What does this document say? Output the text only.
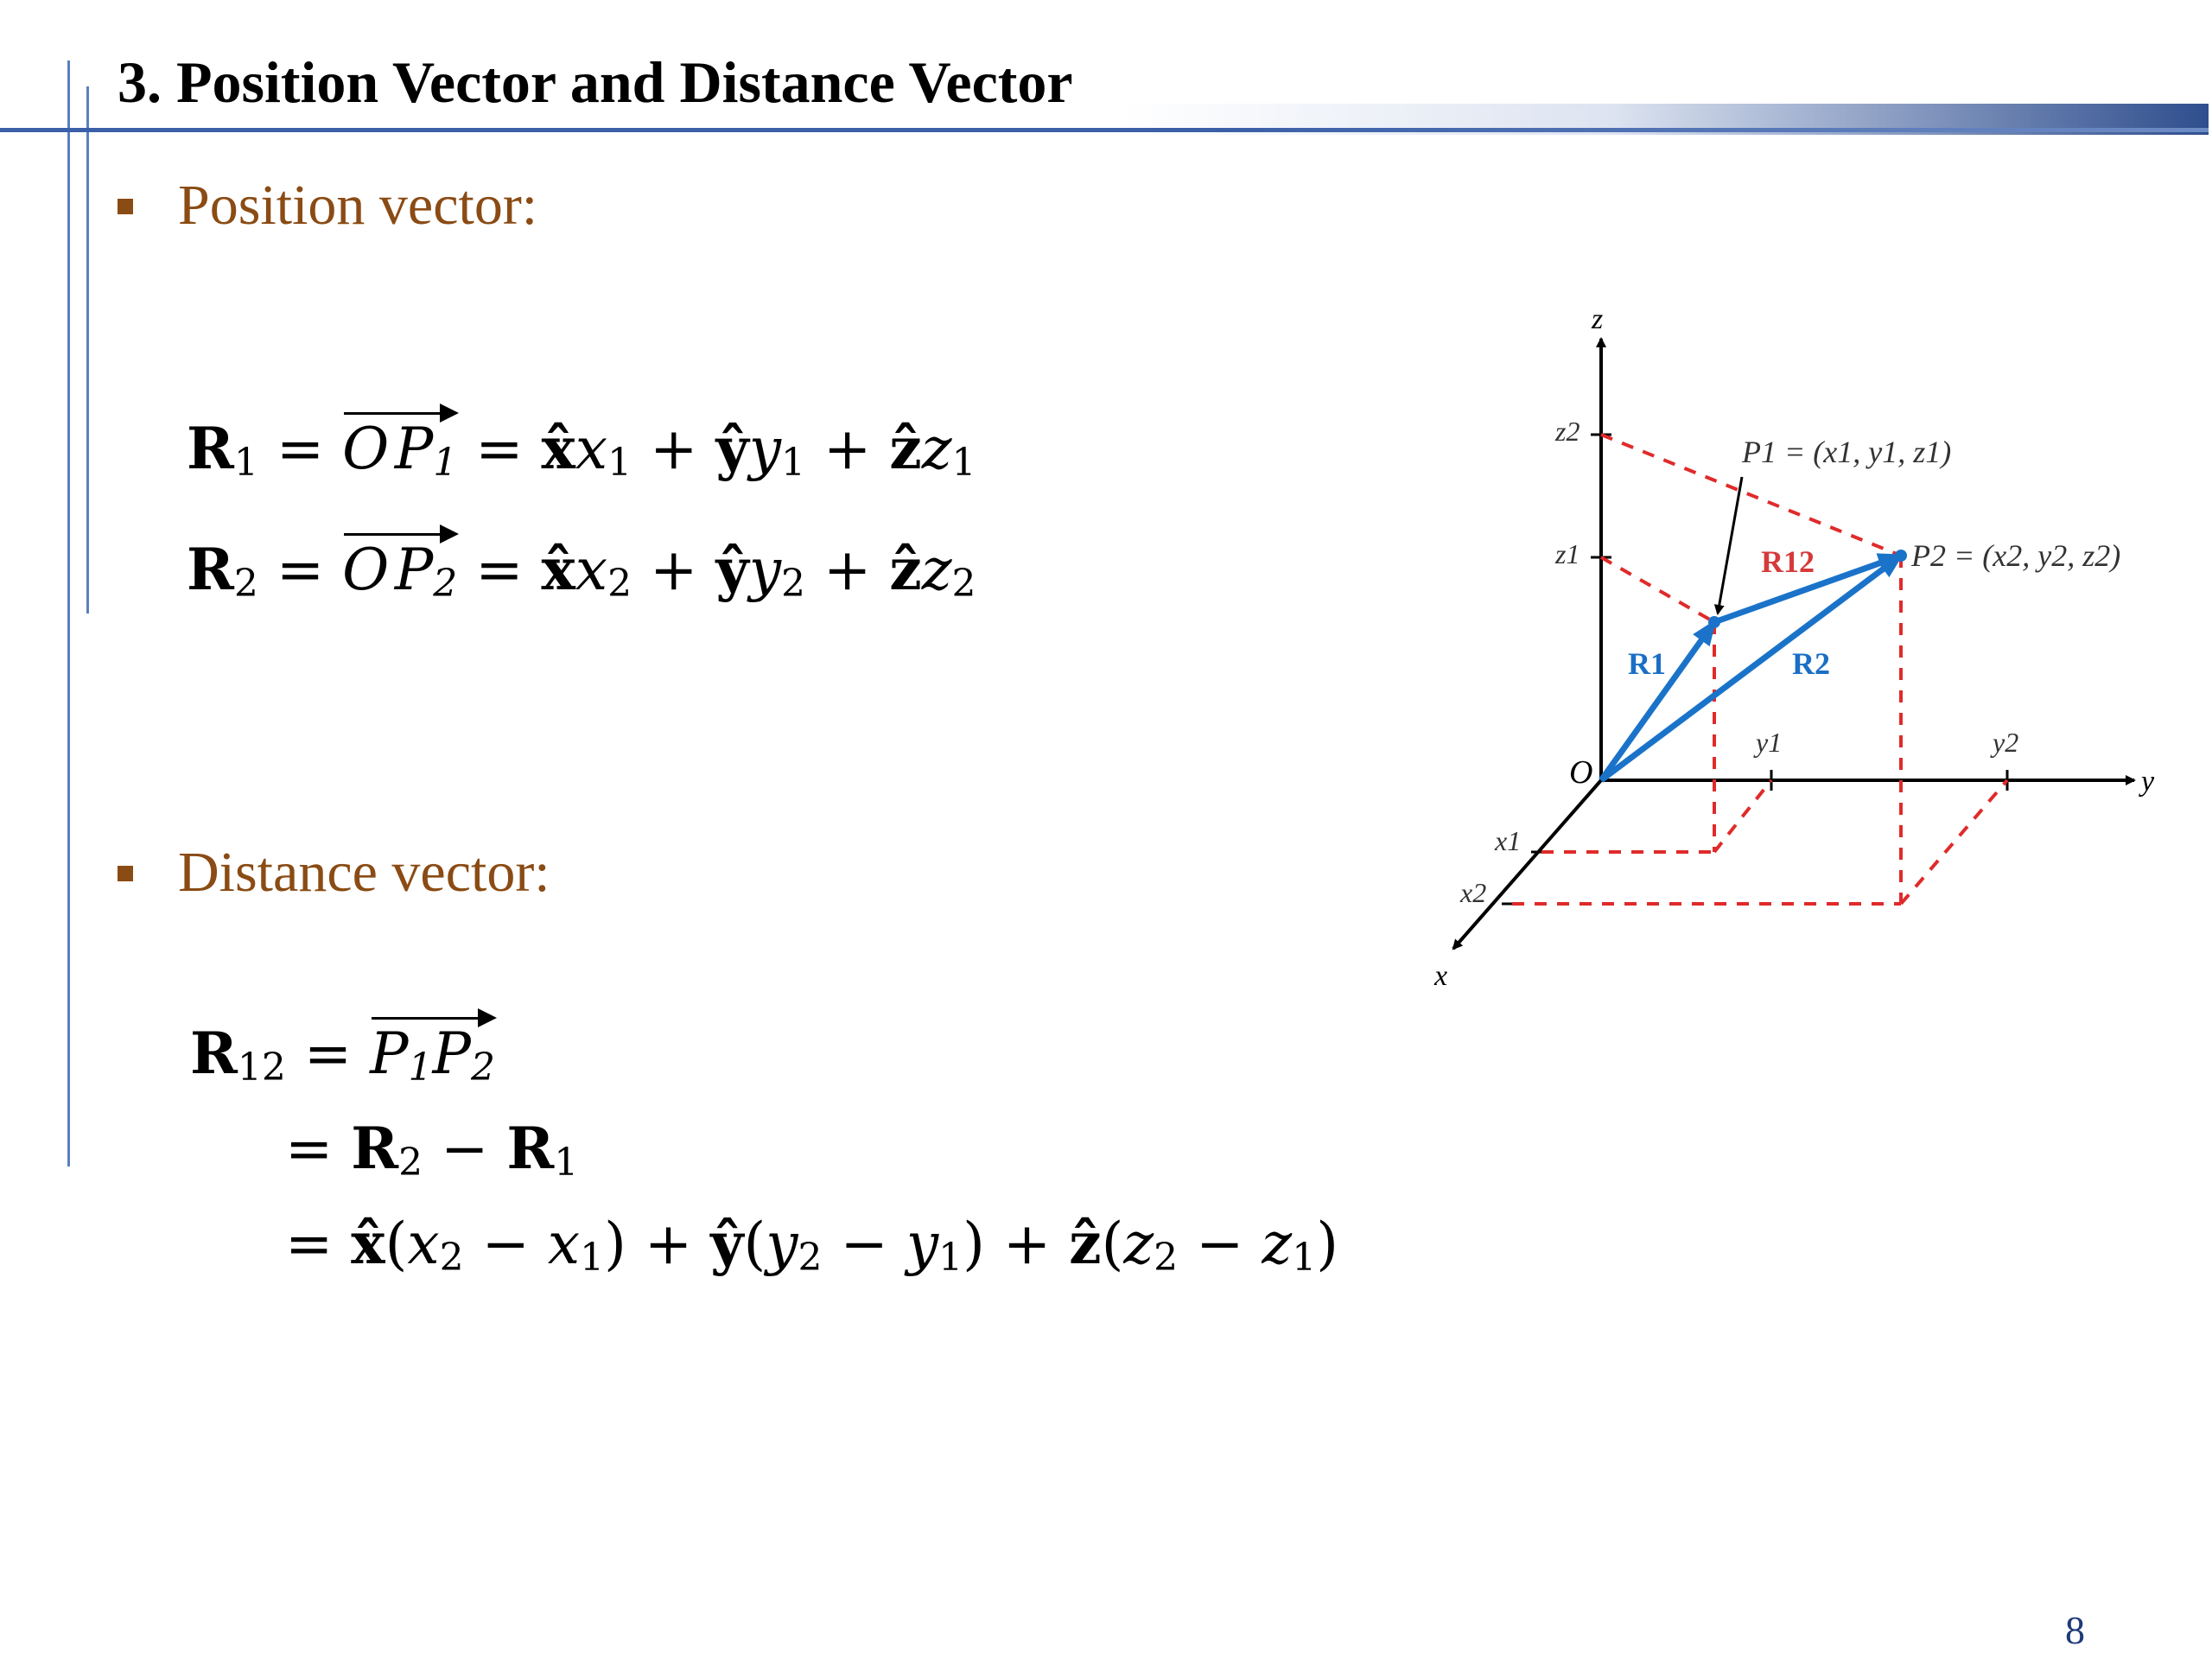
3. Position Vector and Distance Vector
Position vector:
$R_1 = O$ $P_1$ = $x̂x_1$ + $ŷy_1$ + ẑz$_1$
$R_2 = O$ $P_2$ = $x̂x_2$ + $ŷy_2$ + ẑz$_2$
Distance vector:
$R_{12} = P_1P_2$
= $R_2 - R_1$
= $x̂(x_2 - x_1)$ + $ŷ(y_2 - y_1)$ + $ẑ(z_2 - z_1)$
z
y
x
O
z2
z1
y1	y2
x1
x2
P1 = (x1, y1, z1)
P2 = (x2, y2, z2)
R1	R2
R12
8
